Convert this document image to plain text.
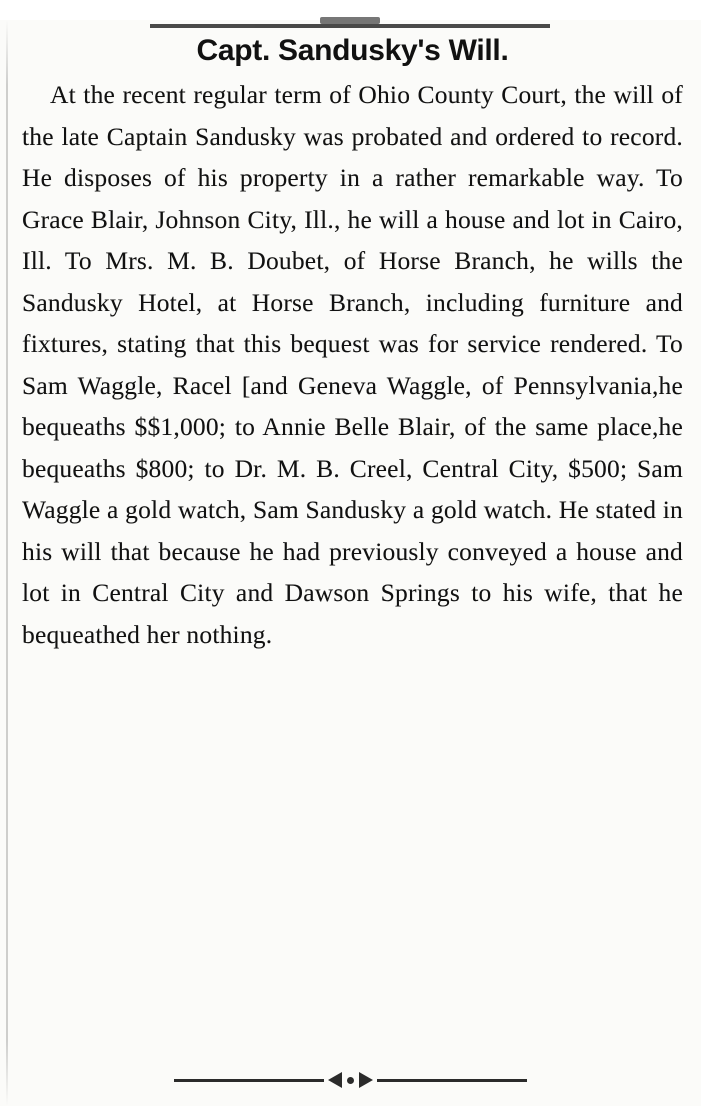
Capt. Sandusky's Will.

At the recent regular term of Ohio County Court, the will of the late Captain Sandusky was probated and ordered to record. He disposes of his property in a rather remarkable way. To Grace Blair, Johnson City, Ill., he will a house and lot in Cairo, Ill. To Mrs. M. B. Doubet, of Horse Branch, he wills the Sandusky Hotel, at Horse Branch, including furniture and fixtures, stating that this bequest was for service rendered. To Sam Waggle, Racel [and Geneva Waggle, of Pennsylvania,he bequeaths $$1,000; to Annie Belle Blair, of the same place,he bequeaths $800; to Dr. M. B. Creel, Central City, $500; Sam Waggle a gold watch, Sam Sandusky a gold watch. He stated in his will that because he had previously conveyed a house and lot in Central City and Dawson Springs to his wife, that he bequeathed her nothing.
